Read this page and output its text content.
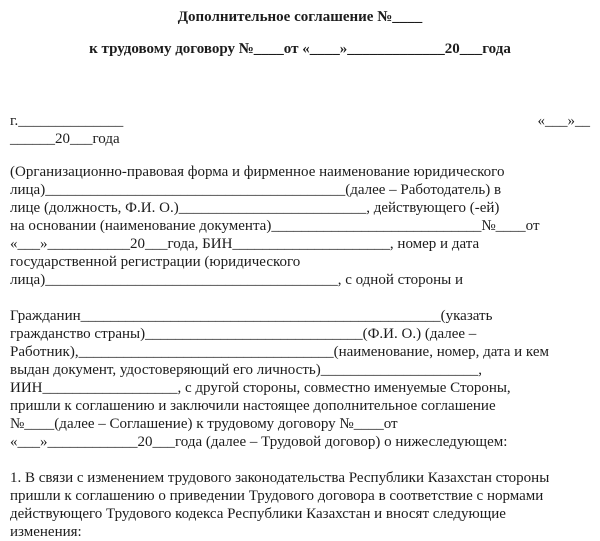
Дополнительное соглашение №____
к трудовому договору №____от «____»_____________20___года
г.______________	«___»__
______20___года
(Организационно-правовая форма и фирменное наименование юридического
лица)________________________________________(далее – Работодатель) в
лице (должность, Ф.И. О.)_________________________, действующего (-ей)
на основании (наименование документа)____________________________№____от
«___»___________20___года, БИН_____________________, номер и дата
государственной регистрации (юридического
лица)_______________________________________, с одной стороны и
Гражданин________________________________________________(указать
гражданство страны)_____________________________(Ф.И. О.) (далее –
Работник),__________________________________(наименование, номер, дата и кем
выдан документ, удостоверяющий его личность)_____________________,
ИИН__________________, с другой стороны, совместно именуемые Стороны,
пришли к соглашению и заключили настоящее дополнительное соглашение
№____(далее – Соглашение) к трудовому договору №____от
«___»____________20___года (далее – Трудовой договор) о нижеследующем:
1. В связи с изменением трудового законодательства Республики Казахстан стороны
пришли к соглашению о приведении Трудового договора в соответствие с нормами
действующего Трудового кодекса Республики Казахстан и вносят следующие
изменения:
